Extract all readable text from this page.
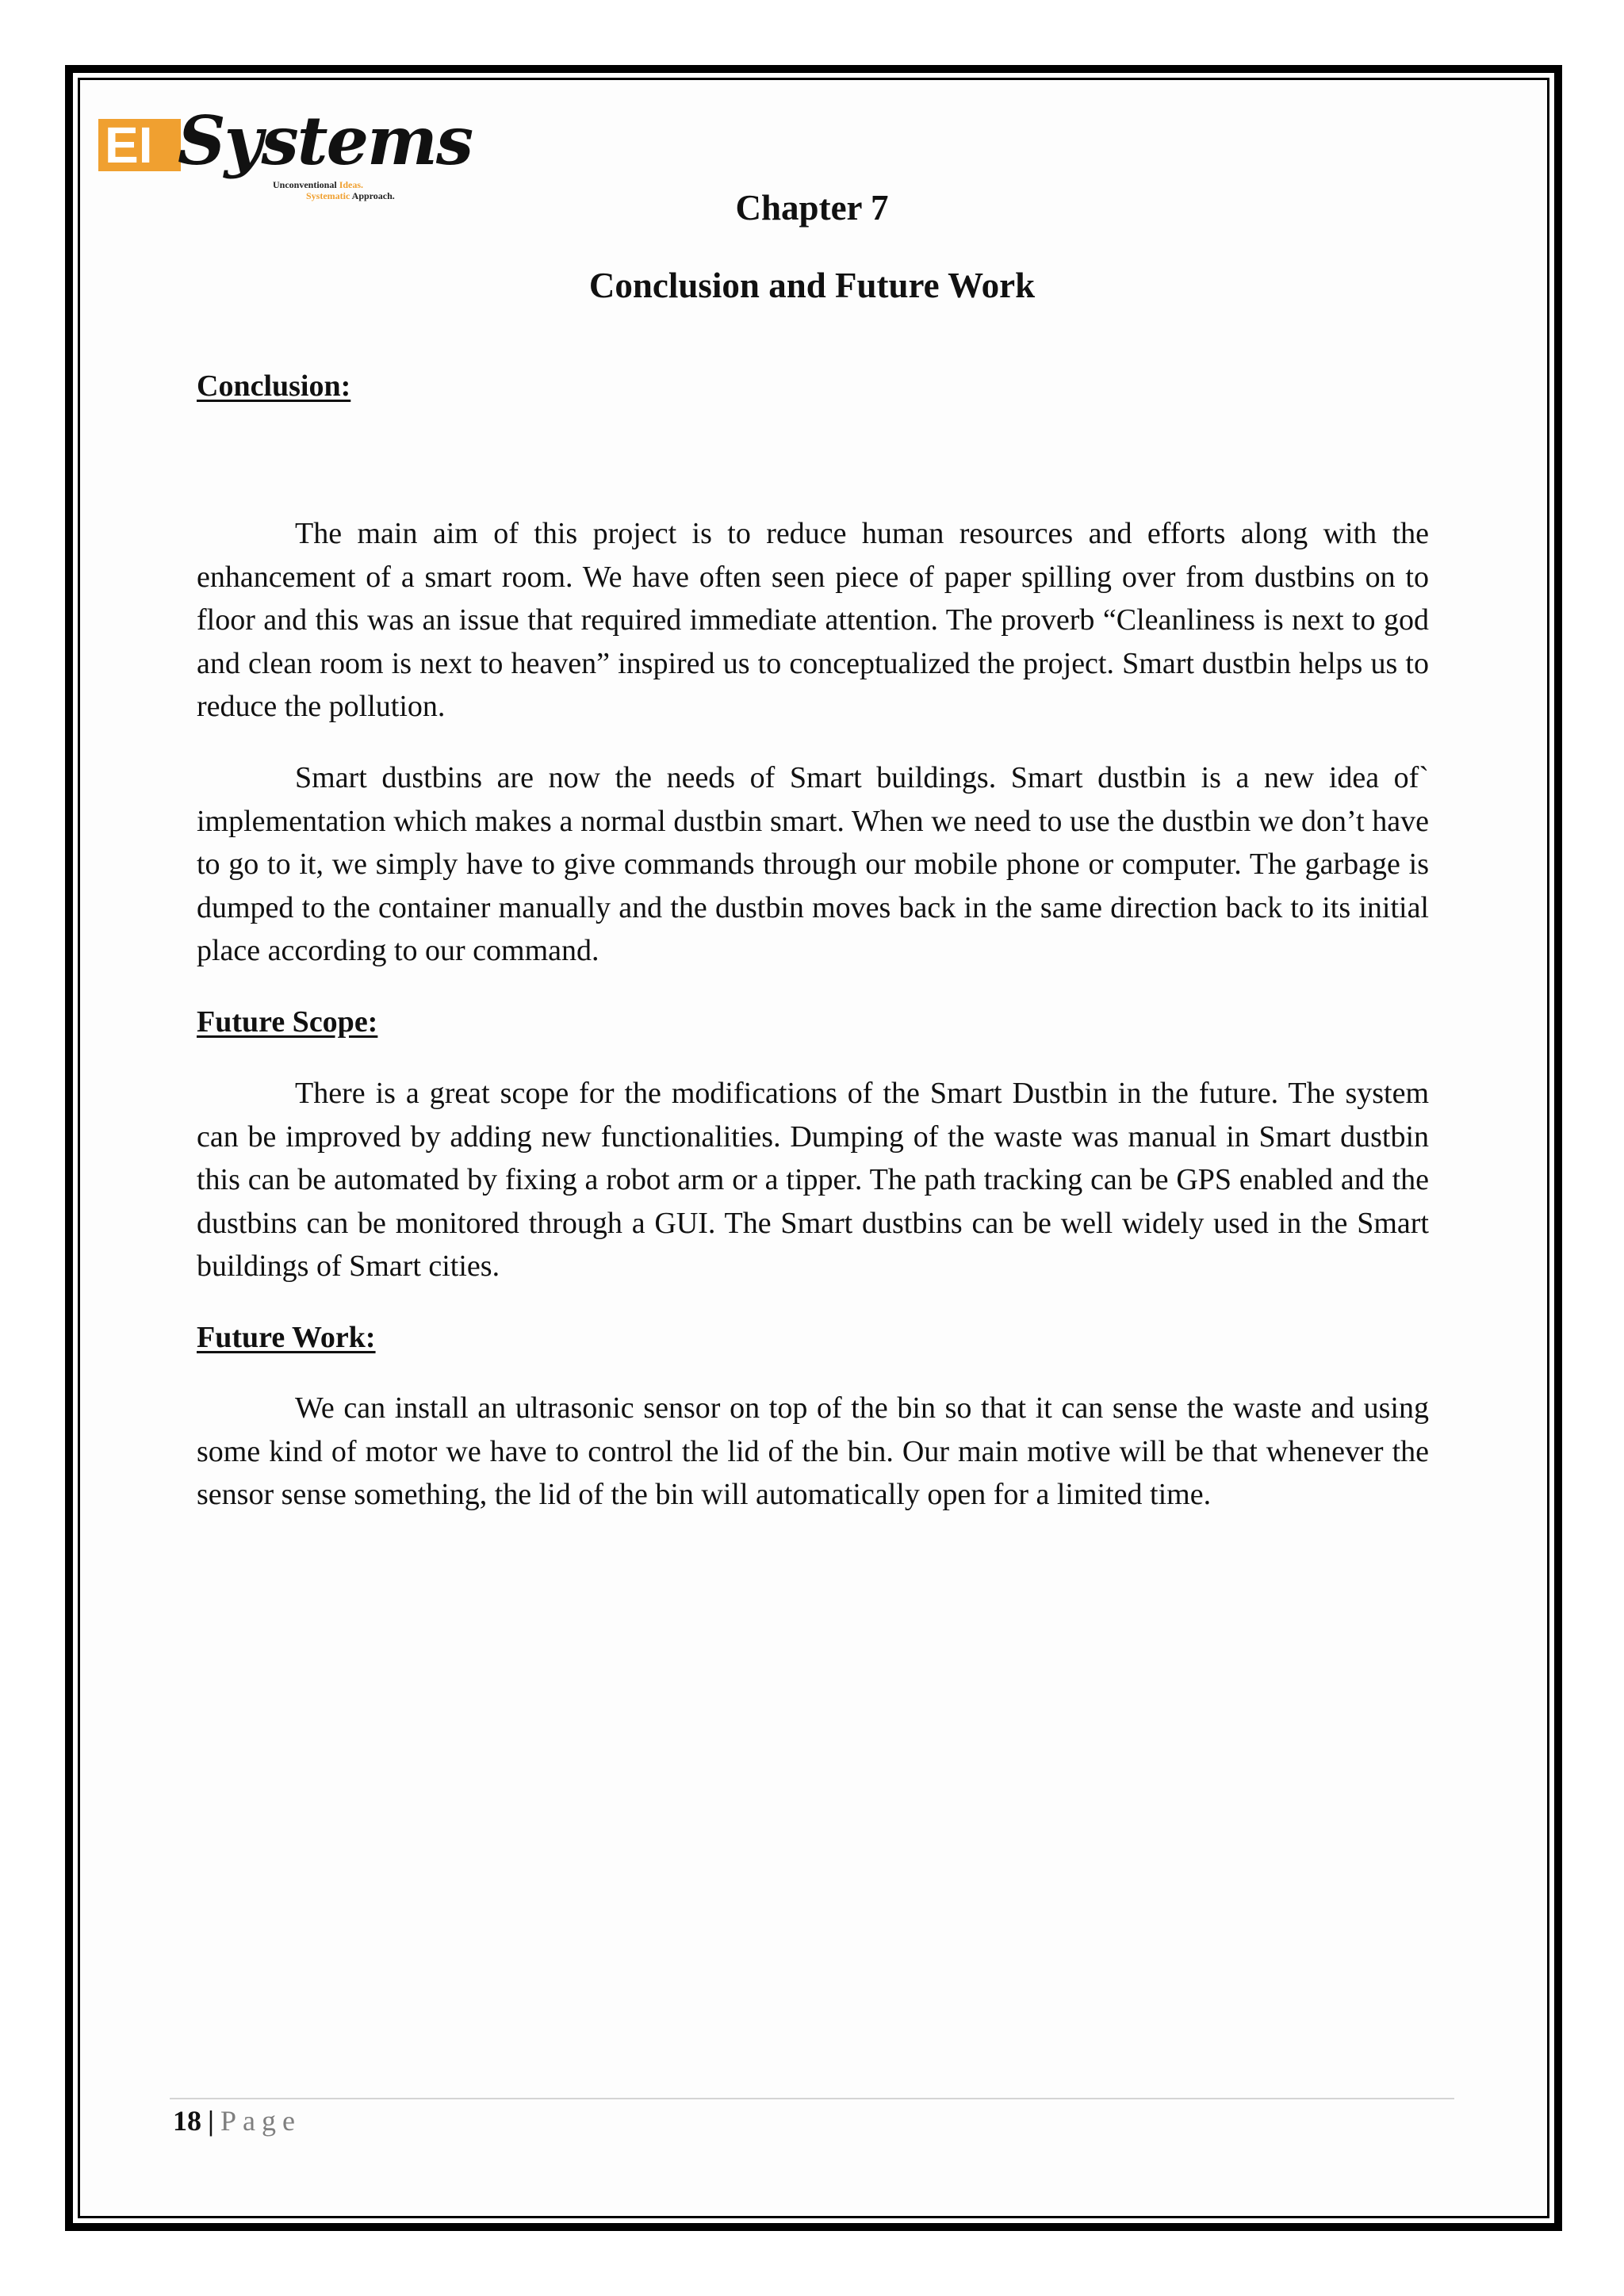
EI Systems
Unconventional Ideas.
Systematic Approach.	Chapter 7
Conclusion and Future Work
Conclusion:

The main aim of this project is to reduce human resources and efforts along with the enhancement of a smart room. We have often seen piece of paper spilling over from dustbins on to floor and this was an issue that required immediate attention. The proverb “Cleanliness is next to god and clean room is next to heaven” inspired us to conceptualized the project. Smart dustbin helps us to reduce the pollution.

Smart dustbins are now the needs of Smart buildings. Smart dustbin is a new idea of` implementation which makes a normal dustbin smart. When we need to use the dustbin we don’t have to go to it, we simply have to give commands through our mobile phone or computer. The garbage is dumped to the container manually and the dustbin moves back in the same direction back to its initial place according to our command.

Future Scope:

There is a great scope for the modifications of the Smart Dustbin in the future. The system can be improved by adding new functionalities. Dumping of the waste was manual in Smart dustbin this can be automated by fixing a robot arm or a tipper. The path tracking can be GPS enabled and the dustbins can be monitored through a GUI. The Smart dustbins can be well widely used in the Smart buildings of Smart cities.

Future Work:

We can install an ultrasonic sensor on top of the bin so that it can sense the waste and using some kind of motor we have to control the lid of the bin. Our main motive will be that whenever the sensor sense something, the lid of the bin will automatically open for a limited time.

18 | Page
